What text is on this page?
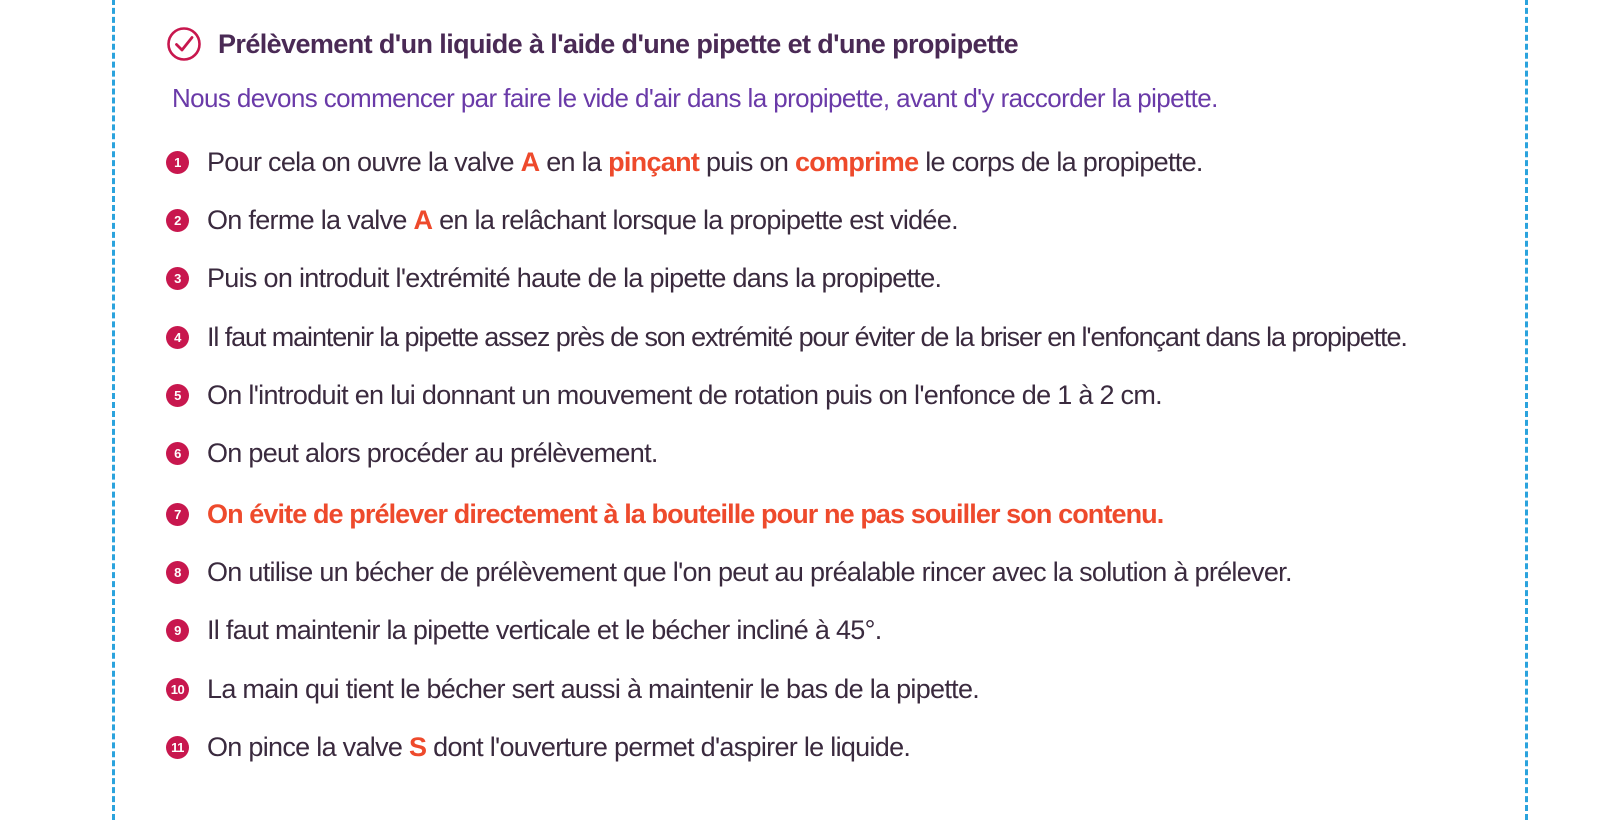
Prélèvement d'un liquide à l'aide d'une pipette et d'une propipette
Nous devons commencer par faire le vide d'air dans la propipette, avant d'y raccorder la pipette.
1 Pour cela on ouvre la valve A en la pinçant puis on comprime le corps de la propipette.
2 On ferme la valve A en la relâchant lorsque la propipette est vidée.
3 Puis on introduit l'extrémité haute de la pipette dans la propipette.
4 Il faut maintenir la pipette assez près de son extrémité pour éviter de la briser en l'enfonçant dans la propipette.
5 On l'introduit en lui donnant un mouvement de rotation puis on l'enfonce de 1 à 2 cm.
6 On peut alors procéder au prélèvement.
7 On évite de prélever directement à la bouteille pour ne pas souiller son contenu.
8 On utilise un bécher de prélèvement que l'on peut au préalable rincer avec la solution à prélever.
9 Il faut maintenir la pipette verticale et le bécher incliné à 45°.
10 La main qui tient le bécher sert aussi à maintenir le bas de la pipette.
11 On pince la valve S dont l'ouverture permet d'aspirer le liquide.
